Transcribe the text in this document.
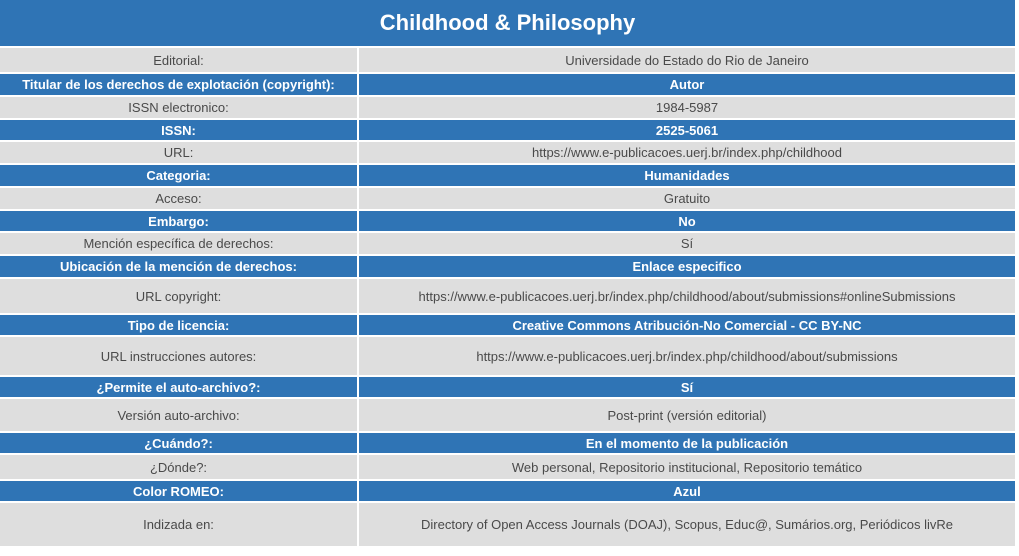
Childhood & Philosophy
Editorial:	Universidade do Estado do Rio de Janeiro
Titular de los derechos de explotación (copyright):	Autor
ISSN electronico:	1984-5987
ISSN:	2525-5061
URL:	https://www.e-publicacoes.uerj.br/index.php/childhood
Categoria:	Humanidades
Acceso:	Gratuito
Embargo:	No
Mención específica de derechos:	Sí
Ubicación de la mención de derechos:	Enlace especifico
URL copyright:	https://www.e-publicacoes.uerj.br/index.php/childhood/about/submissions#onlineSubmissions
Tipo de licencia:	Creative Commons Atribución-No Comercial - CC BY-NC
URL instrucciones autores:	https://www.e-publicacoes.uerj.br/index.php/childhood/about/submissions
¿Permite el auto-archivo?:	Sí
Versión auto-archivo:	Post-print (versión editorial)
¿Cuándo?:	En el momento de la publicación
¿Dónde?:	Web personal, Repositorio institucional, Repositorio temático
Color ROMEO:	Azul
Indizada en:	Directory of Open Access Journals (DOAJ), Scopus, Educ@, Sumários.org, Periódicos livRe
